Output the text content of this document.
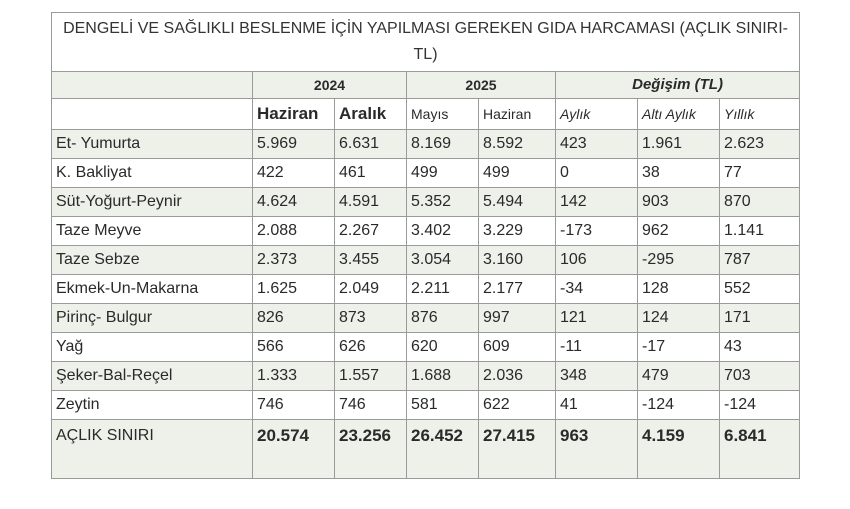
DENGELİ VE SAĞLIKLI BESLENME İÇİN YAPILMASI GEREKEN GIDA HARCAMASI (AÇLIK SINIRI-TL)							
	2024		2025		Değişim (TL)		
	Haziran	Aralık	Mayıs	Haziran	Aylık	Altı Aylık	Yıllık
Et- Yumurta	5.969	6.631	8.169	8.592	423	1.961	2.623
K. Bakliyat	422	461	499	499	0	38	77
Süt-Yoğurt-Peynir	4.624	4.591	5.352	5.494	142	903	870
Taze Meyve	2.088	2.267	3.402	3.229	-173	962	1.141
Taze Sebze	2.373	3.455	3.054	3.160	106	-295	787
Ekmek-Un-Makarna	1.625	2.049	2.211	2.177	-34	128	552
Pirinç- Bulgur	826	873	876	997	121	124	171
Yağ	566	626	620	609	-11	-17	43
Şeker-Bal-Reçel	1.333	1.557	1.688	2.036	348	479	703
Zeytin	746	746	581	622	41	-124	-124
AÇLIK SINIRI	20.574	23.256	26.452	27.415	963	4.159	6.841
